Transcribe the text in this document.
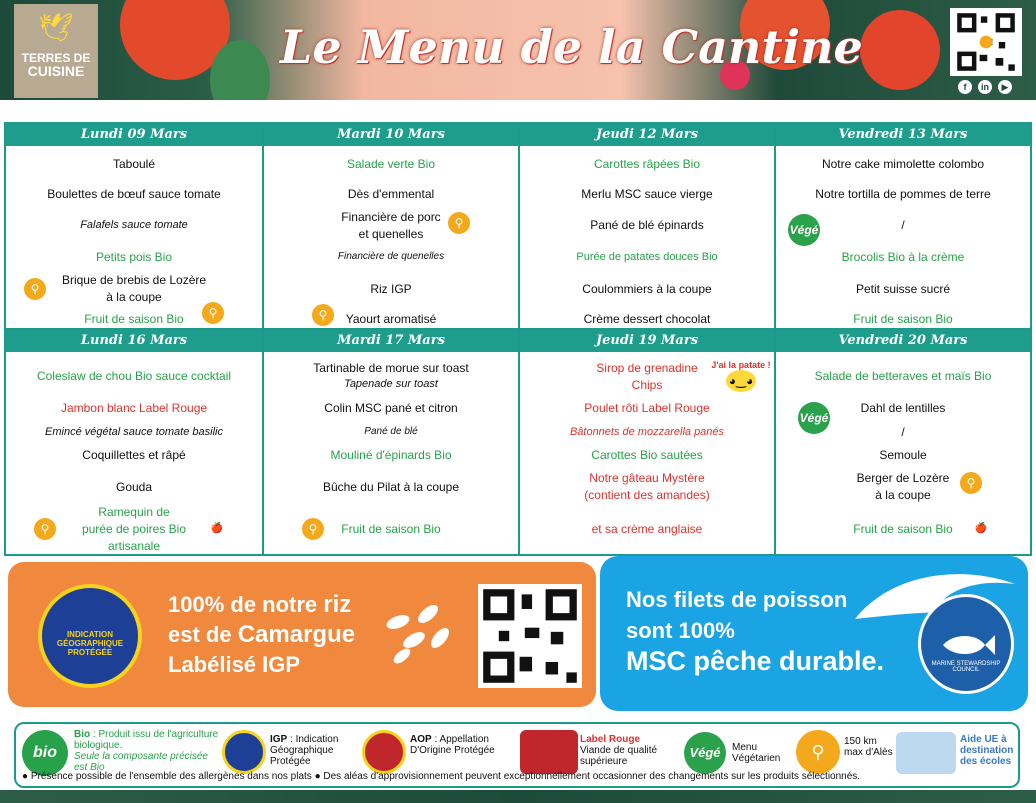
🕊
TERRES DE
CUISINE	Le Menu de la Cantine
f	in	▶
Lundi 09 Mars
Taboulé
Boulettes de bœuf sauce tomate
Falafels sauce tomate
Petits pois Bio
Brique de brebis de Lozère
à la coupe
Fruit de saison Bio
⚲
⚲
Mardi 10 Mars
Salade verte Bio
Dès d'emmental
Financière de porc
et quenelles
Financière de quenelles
Riz IGP
Yaourt aromatisé
⚲
⚲
Jeudi 12 Mars
Carottes râpées Bio
Merlu MSC sauce vierge
Pané de blé épinards
Purée de patates douces Bio
Coulommiers à la coupe
Crème dessert chocolat
Vendredi 13 Mars
Notre cake mimolette colombo
Notre tortilla de pommes de terre
/
Brocolis Bio à la crème
Petit suisse sucré
Fruit de saison Bio
Végé
Lundi 16 Mars
Coleslaw de chou Bio sauce cocktail
Jambon blanc Label Rouge
Emincé végétal sauce tomate basilic
Coquillettes et râpé
Gouda
Ramequin de
purée de poires Bio
artisanale
⚲	🍎
Mardi 17 Mars
Tartinable de morue sur toast
Tapenade sur toast
Colin MSC pané et citron
Pané de blé
Mouliné d'épinards Bio
Bûche du Pilat à la coupe
Fruit de saison Bio
⚲
Jeudi 19 Mars
Sirop de grenadine
Chips
Poulet rôti Label Rouge
Bâtonnets de mozzarella panés
Carottes Bio sautées
Notre gâteau Mystère
(contient des amandes)
et sa crème anglaise
J'ai la patate !
◕‿◕
Vendredi 20 Mars
Salade de betteraves et maïs Bio
Dahl de lentilles
/
Semoule
Berger de Lozère
à la coupe
Fruit de saison Bio
Végé
⚲
🍎
INDICATION GÉOGRAPHIQUE PROTÉGÉE
100% de notre riz
est de Camargue
Labélisé IGP
Nos filets de poisson
sont 100%
MSC pêche durable.	MARINE STEWARDSHIP COUNCIL
bio
Bio : Produit issu de l'agriculture biologique.
Seule la composante précisée est Bio
IGP : Indication Géographique Protégée
AOP : Appellation D'Origine Protégée
Label Rouge
Viande de qualité supérieure
Végé	Menu Végétarien	⚲
150 km max d'Alès
Aide UE à destination des écoles
● Présence possible de l'ensemble des allergènes dans nos plats ● Des aléas d'approvisionnement peuvent exceptionnellement occasionner des changements sur les produits sélectionnés.
